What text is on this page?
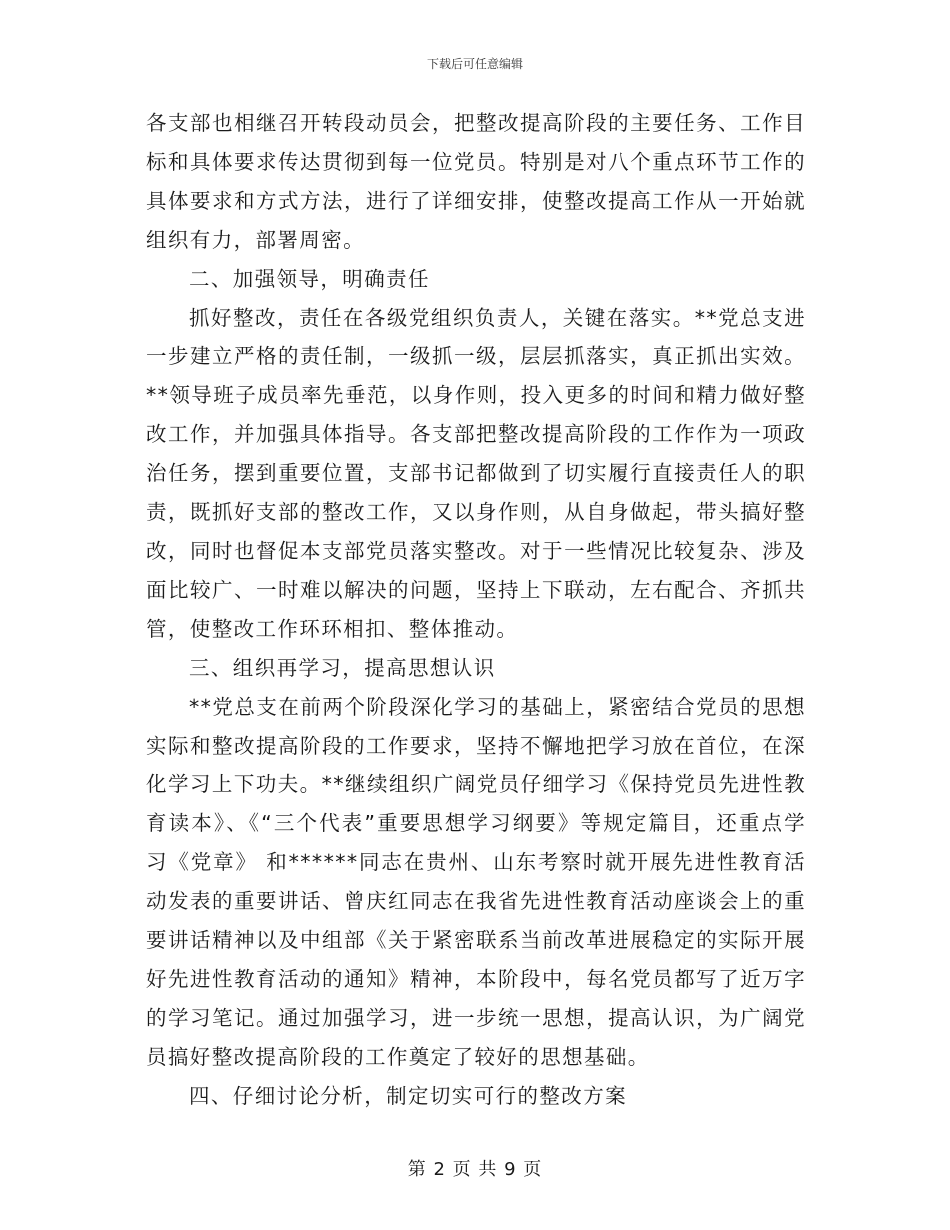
下载后可任意编辑

各支部也相继召开转段动员会，把整改提高阶段的主要任务、工作目标和具体要求传达贯彻到每一位党员。特别是对八个重点环节工作的具体要求和方式方法，进行了详细安排，使整改提高工作从一开始就组织有力，部署周密。

二、加强领导，明确责任

抓好整改，责任在各级党组织负责人，关键在落实。**党总支进一步建立严格的责任制，一级抓一级，层层抓落实，真正抓出实效。**领导班子成员率先垂范，以身作则，投入更多的时间和精力做好整改工作，并加强具体指导。各支部把整改提高阶段的工作作为一项政治任务，摆到重要位置，支部书记都做到了切实履行直接责任人的职责，既抓好支部的整改工作，又以身作则，从自身做起，带头搞好整改，同时也督促本支部党员落实整改。对于一些情况比较复杂、涉及面比较广、一时难以解决的问题，坚持上下联动，左右配合、齐抓共管，使整改工作环环相扣、整体推动。

三、组织再学习，提高思想认识

**党总支在前两个阶段深化学习的基础上，紧密结合党员的思想实际和整改提高阶段的工作要求，坚持不懈地把学习放在首位，在深化学习上下功夫。**继续组织广阔党员仔细学习《保持党员先进性教育读本》、《“三个代表”重要思想学习纲要》等规定篇目，还重点学习《党章》 和******同志在贵州、山东考察时就开展先进性教育活动发表的重要讲话、曾庆红同志在我省先进性教育活动座谈会上的重要讲话精神以及中组部《关于紧密联系当前改革进展稳定的实际开展好先进性教育活动的通知》精神，本阶段中，每名党员都写了近万字的学习笔记。通过加强学习，进一步统一思想，提高认识，为广阔党员搞好整改提高阶段的工作奠定了较好的思想基础。

四、仔细讨论分析，制定切实可行的整改方案

第 2 页 共 9 页
